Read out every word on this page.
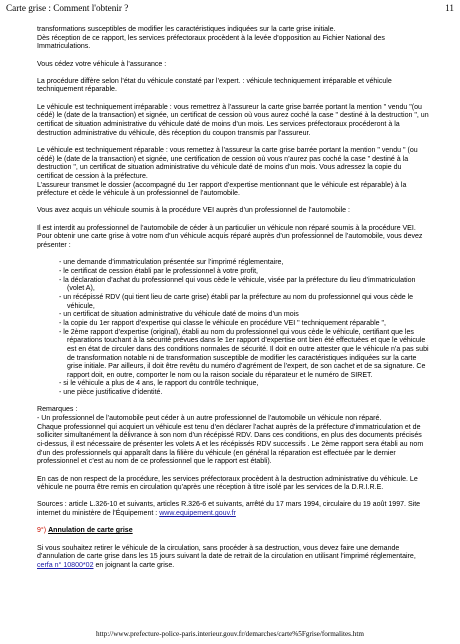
Carte grise : Comment l'obtenir ?	11

transformations susceptibles de modifier les caractéristiques indiquées sur la carte grise initiale.
Dès réception de ce rapport, les services préfectoraux procèdent à la levée d’opposition au Fichier National des Immatriculations.

Vous cédez votre véhicule à l’assurance :

La procédure diffère selon l’état du véhicule constaté par l’expert. : véhicule techniquement irréparable et véhicule techniquement réparable.

Le véhicule est techniquement irréparable : vous remettrez à l’assureur la carte grise barrée portant la mention " vendu "(ou cédé) le (date de la transaction) et signée, un certificat de cession où vous aurez coché la case " destiné à la destruction ", un certificat de situation administrative du véhicule daté de moins d’un mois. Les services préfectoraux procéderont à la destruction administrative du véhicule, dès réception du coupon transmis par l’assureur.

Le véhicule est techniquement réparable : vous remettez à l’assureur la carte grise barrée portant la mention " vendu " (ou cédé) le (date de la transaction) et signée, une certification de cession où vous n’aurez pas coché la case " destiné à la destruction ", un certificat de situation administrative du véhicule daté de moins d’un mois. Vous adressez la copie du certificat de cession à la préfecture.
L’assureur transmet le dossier (accompagné du 1er rapport d’expertise mentionnant que le véhicule est réparable) à la préfecture et cède le véhicule à un professionnel de l’automobile.

Vous avez acquis un véhicule soumis à la procédure VEI auprès d’un professionnel de l’automobile :

Il est interdit au professionnel de l’automobile de céder à un particulier un véhicule non réparé soumis à la procédure VEI.
Pour obtenir une carte grise à votre nom d’un véhicule acquis réparé auprès d’un professionnel de l’automobile, vous devez présenter :

- une demande d’immatriculation présentée sur l’imprimé réglementaire,
- le certificat de cession établi par le professionnel à votre profit,
- la déclaration d’achat du professionnel qui vous cède le véhicule, visée par la préfecture du lieu d’immatriculation (volet A),
- un récépissé RDV (qui tient lieu de carte grise) établi par la préfecture au nom du professionnel qui vous cède le véhicule,
- un certificat de situation administrative du véhicule daté de moins d’un mois
- la copie du 1er rapport d’expertise qui classe le véhicule en procédure VEI " techniquement réparable ",
- le 2ème rapport d’expertise (original), établi au nom du professionnel qui vous cède le véhicule, certifiant que les réparations touchant à la sécurité prévues dans le 1er rapport d’expertise ont bien été effectuées et que le véhicule est en état de circuler dans des conditions normales de sécurité. Il doit en outre attester que le véhicule n’a pas subi de transformation notable ni de transformation susceptible de modifier les caractéristiques indiquées sur la carte grise initiale. Par ailleurs, il doit être revêtu du numéro d’agrément de l’expert, de son cachet et de sa signature. Ce rapport doit, en outre, comporter le nom ou la raison sociale du réparateur et le numéro de SIRET.
- si le véhicule a plus de 4 ans, le rapport du contrôle technique,
- une pièce justificative d’identité.

Remarques :
- Un professionnel de l’automobile peut céder à un autre professionnel de l’automobile un véhicule non réparé.
Chaque professionnel qui acquiert un véhicule est tenu d’en déclarer l’achat auprès de la préfecture d’immatriculation et de solliciter simultanément la délivrance à son nom d’un récépissé RDV. Dans ces conditions, en plus des documents précisés ci-dessus, il est nécessaire de présenter les volets A et les récépissés RDV successifs . Le 2ème rapport sera établi au nom d’un des professionnels qui apparaît dans la filière du véhicule (en général la réparation est effectuée par le dernier professionnel et c’est au nom de ce professionnel que le rapport est établi).

En cas de non respect de la procédure, les services préfectoraux procèdent à la destruction administrative du véhicule. Le véhicule ne pourra être remis en circulation qu’après une réception à titre isolé par les services de la D.R.I.R.E.

Sources : article L.326-10 et suivants, articles R.326-6 et suivants, arrêté du 17 mars 1994, circulaire du 19 août 1997. Site internet du ministère de l’Équipement : www.equipement.gouv.fr

9°) Annulation de carte grise

Si vous souhaitez retirer le véhicule de la circulation, sans procéder à sa destruction, vous devez faire une demande d’annulation de carte grise dans les 15 jours suivant la date de retrait de la circulation en utilisant l’imprimé réglementaire, cerfa n° 10800*02 en joignant la carte grise.

http://www.prefecture-police-paris.interieur.gouv.fr/demarches/carte%5Fgrise/formalites.htm
